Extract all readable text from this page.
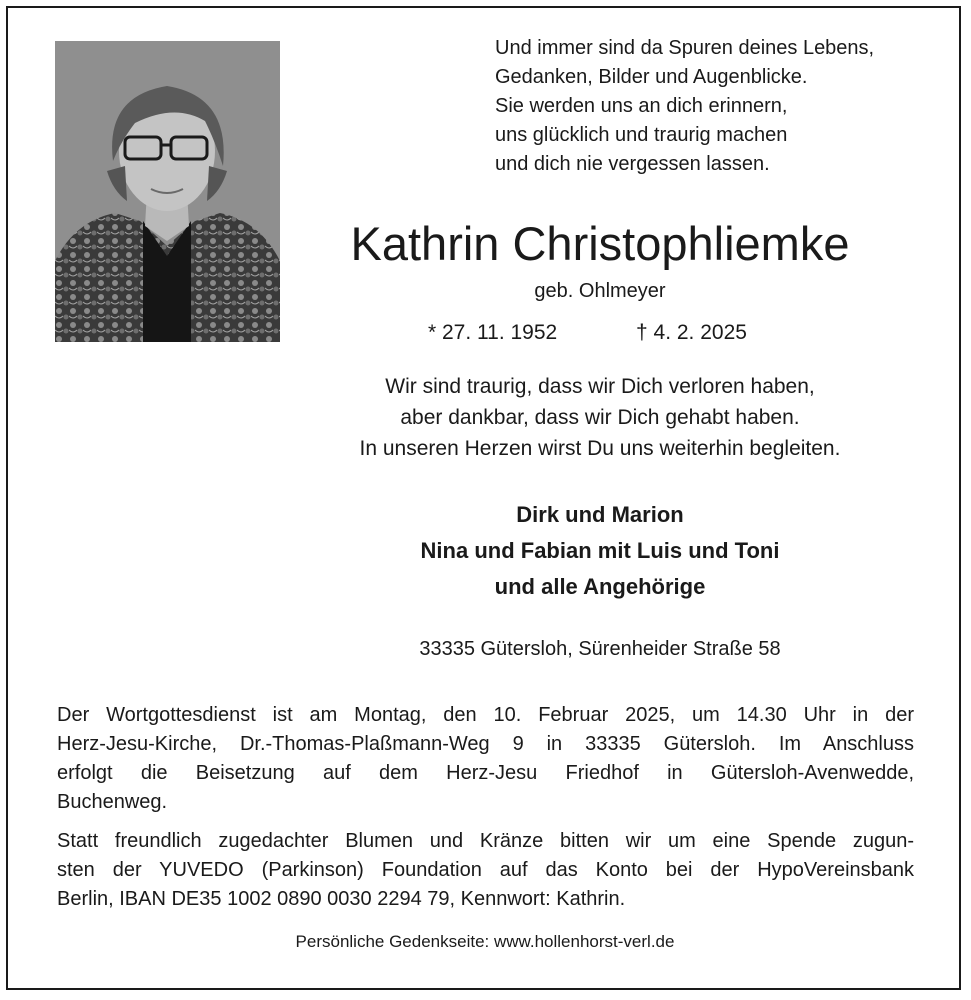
Und immer sind da Spuren deines Lebens,
Gedanken, Bilder und Augenblicke.
Sie werden uns an dich erinnern,
uns glücklich und traurig machen
und dich nie vergessen lassen.
Kathrin Christophliemke
geb. Ohlmeyer
* 27. 11. 1952	† 4. 2. 2025
Wir sind traurig, dass wir Dich verloren haben,
aber dankbar, dass wir Dich gehabt haben.
In unseren Herzen wirst Du uns weiterhin begleiten.
Dirk und Marion
Nina und Fabian mit Luis und Toni
und alle Angehörige
33335 Gütersloh, Sürenheider Straße 58
Der Wortgottesdienst ist am Montag, den 10. Februar 2025, um 14.30 Uhr in der
Herz-Jesu-Kirche, Dr.-Thomas-Plaßmann-Weg 9 in 33335 Gütersloh. Im Anschluss
erfolgt die Beisetzung auf dem Herz-Jesu Friedhof in Gütersloh-Avenwedde,
Buchenweg.
Statt freundlich zugedachter Blumen und Kränze bitten wir um eine Spende zugun-
sten der YUVEDO (Parkinson) Foundation auf das Konto bei der HypoVereinsbank
Berlin, IBAN DE35 1002 0890 0030 2294 79, Kennwort: Kathrin.
Persönliche Gedenkseite: www.hollenhorst-verl.de
